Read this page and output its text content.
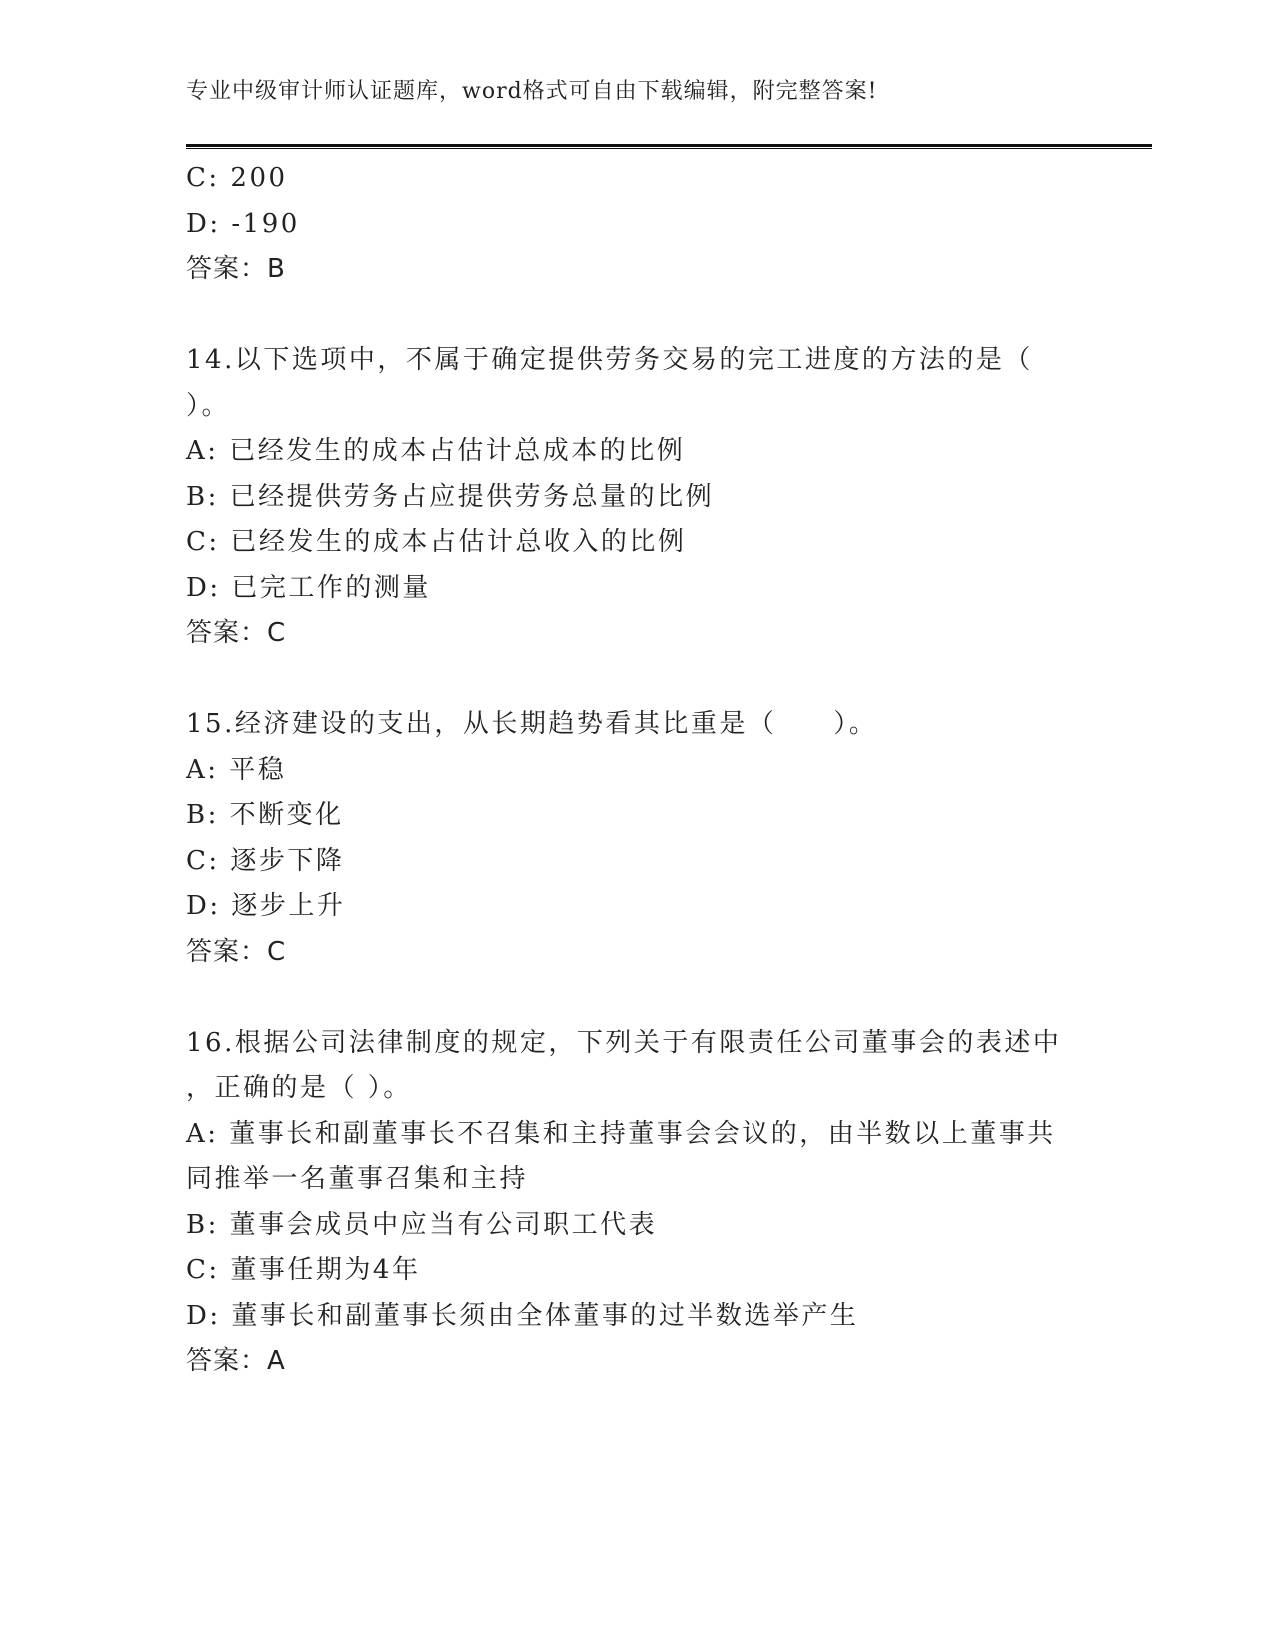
专业中级审计师认证题库，word格式可自由下载编辑，附完整答案!
C: 200
D: -190
答案：B
14.以下选项中，不属于确定提供劳务交易的完工进度的方法的是（
）。
A: 已经发生的成本占估计总成本的比例
B: 已经提供劳务占应提供劳务总量的比例
C: 已经发生的成本占估计总收入的比例
D: 已完工作的测量
答案：C
15.经济建设的支出，从长期趋势看其比重是（　　）。
A: 平稳
B: 不断变化
C: 逐步下降
D: 逐步上升
答案：C
16.根据公司法律制度的规定，下列关于有限责任公司董事会的表述中
，正确的是（ ）。
A: 董事长和副董事长不召集和主持董事会会议的，由半数以上董事共
同推举一名董事召集和主持
B: 董事会成员中应当有公司职工代表
C: 董事任期为4年
D: 董事长和副董事长须由全体董事的过半数选举产生
答案：A
